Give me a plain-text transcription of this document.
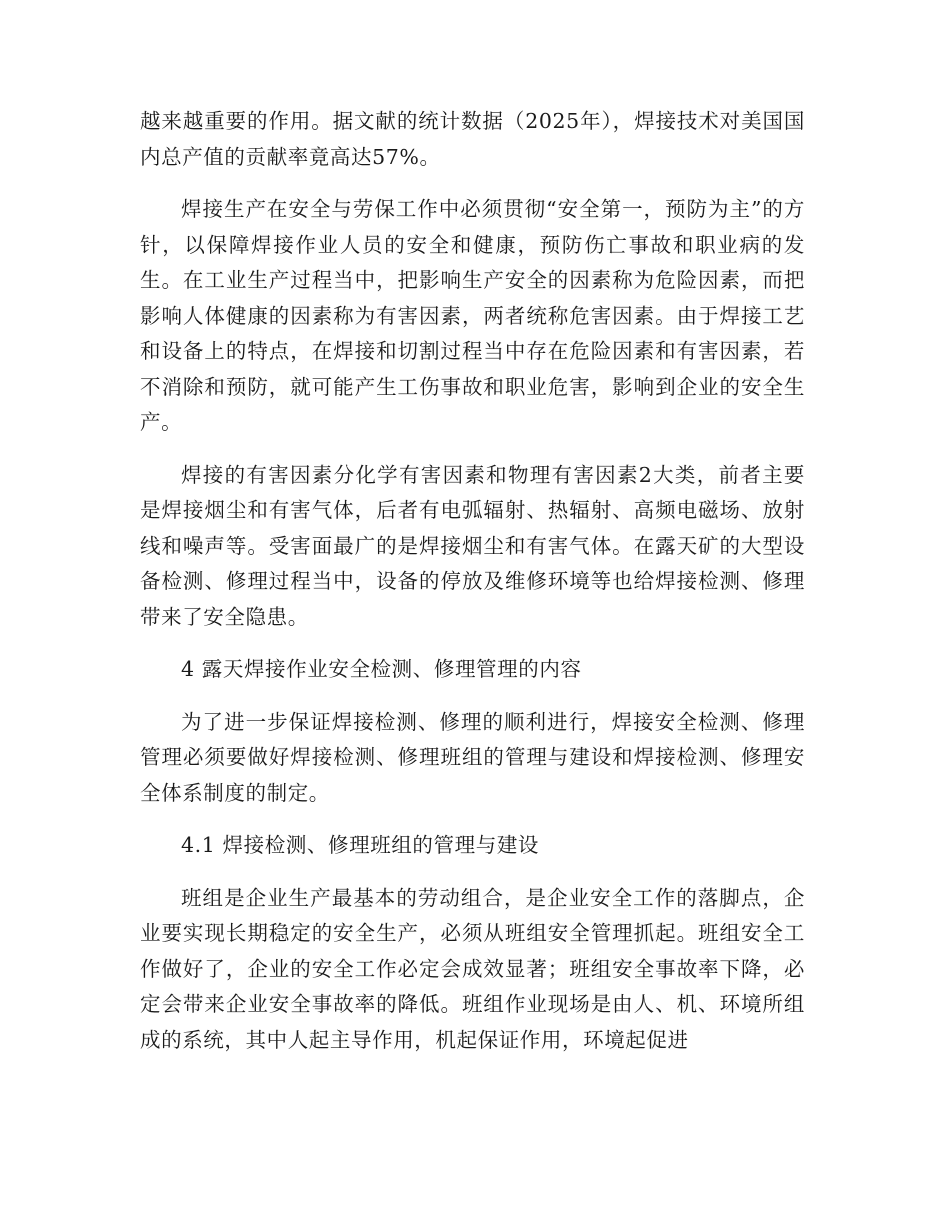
越来越重要的作用。据文献的统计数据（2025年），焊接技术对美国国内总产值的贡献率竟高达57%。

焊接生产在安全与劳保工作中必须贯彻“安全第一，预防为主”的方针，以保障焊接作业人员的安全和健康，预防伤亡事故和职业病的发生。在工业生产过程当中，把影响生产安全的因素称为危险因素，而把影响人体健康的因素称为有害因素，两者统称危害因素。由于焊接工艺和设备上的特点，在焊接和切割过程当中存在危险因素和有害因素，若不消除和预防，就可能产生工伤事故和职业危害，影响到企业的安全生产。

焊接的有害因素分化学有害因素和物理有害因素2大类，前者主要是焊接烟尘和有害气体，后者有电弧辐射、热辐射、高频电磁场、放射线和噪声等。受害面最广的是焊接烟尘和有害气体。在露天矿的大型设备检测、修理过程当中，设备的停放及维修环境等也给焊接检测、修理带来了安全隐患。

4 露天焊接作业安全检测、修理管理的内容

为了进一步保证焊接检测、修理的顺利进行，焊接安全检测、修理管理必须要做好焊接检测、修理班组的管理与建设和焊接检测、修理安全体系制度的制定。

4.1 焊接检测、修理班组的管理与建设

班组是企业生产最基本的劳动组合，是企业安全工作的落脚点，企业要实现长期稳定的安全生产，必须从班组安全管理抓起。班组安全工作做好了，企业的安全工作必定会成效显著；班组安全事故率下降，必定会带来企业安全事故率的降低。班组作业现场是由人、机、环境所组成的系统，其中人起主导作用，机起保证作用，环境起促进
